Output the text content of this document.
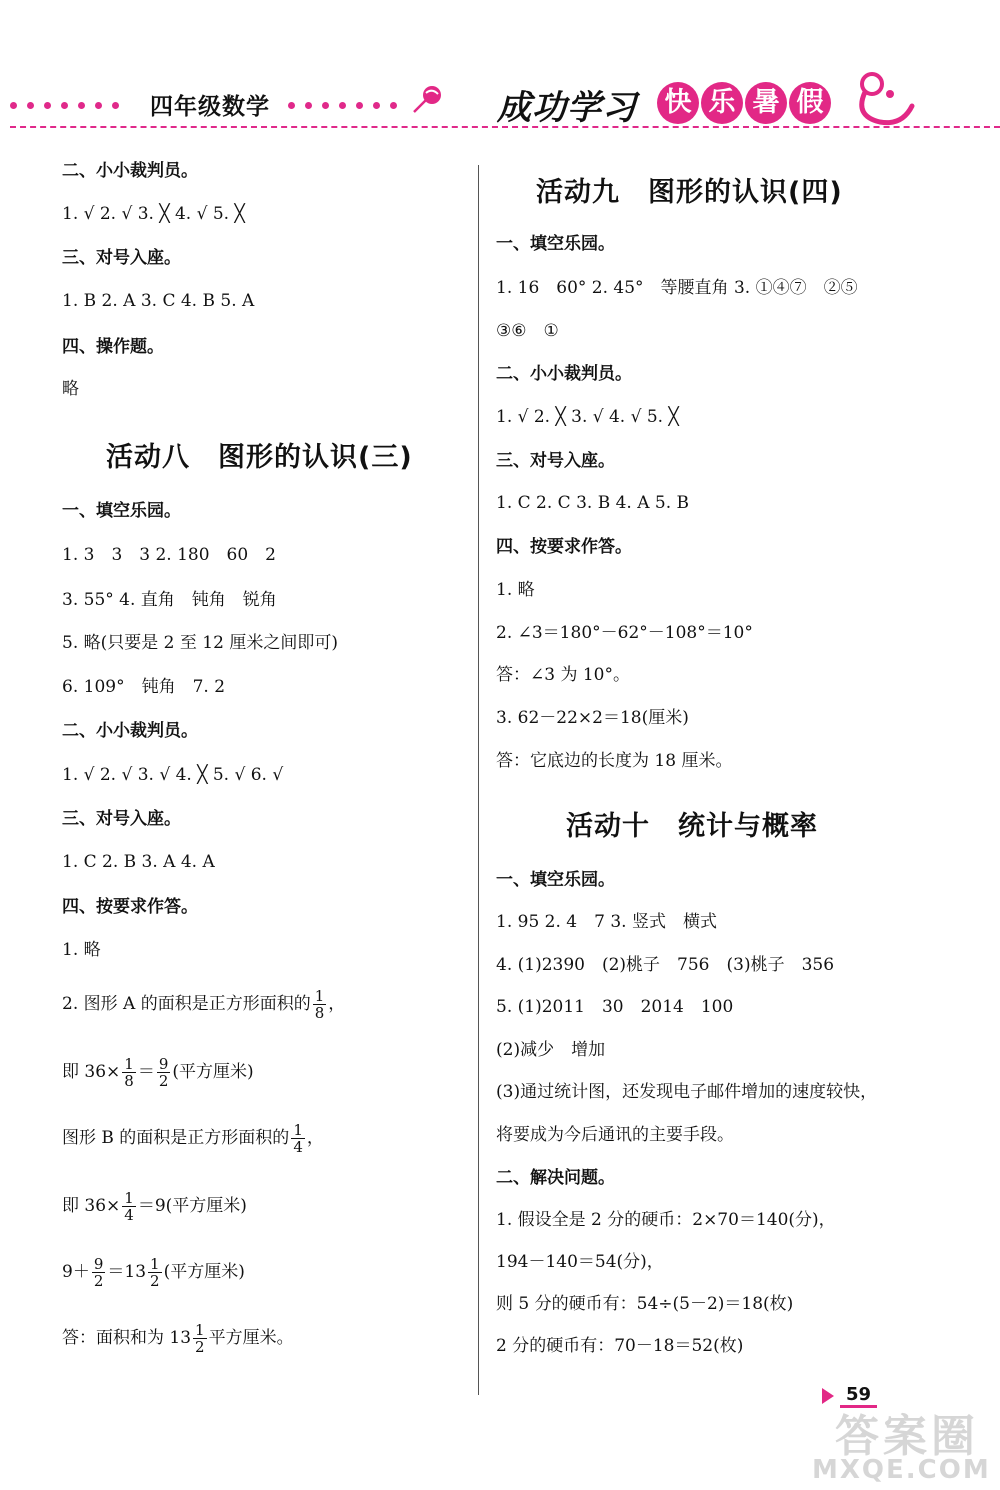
四年级数学	成功学习 快 乐 暑 假
二、小小裁判员。
1. √ 2. √ 3. ╳ 4. √ 5. ╳
三、对号入座。
1. B 2. A 3. C 4. B 5. A
四、操作题。
略
活动八　图形的认识(三)
一、填空乐园。
1. 3　3　3 2. 180　60　2
3. 55° 4. 直角　钝角　锐角
5. 略(只要是 2 至 12 厘米之间即可)
6. 109°　钝角　7. 2
二、小小裁判员。
1. √ 2. √ 3. √ 4. ╳ 5. √ 6. √
三、对号入座。
1. C 2. B 3. A 4. A
四、按要求作答。
1. 略
2. 图形 A 的面积是正方形面积的 $\frac{1}{8}$ ，
即 $36\times \frac{1}{8} = \frac{9}{2}$ (平方厘米)
图形 B 的面积是正方形面积的 $\frac{1}{4}$ ，
即 $36\times \frac{1}{4} =9$(平方厘米)
$9+ \frac{9}{2} =13 \frac{1}{2}$ (平方厘米)
答：面积和为 $13 \frac{1}{2}$ 平方厘米。
活动九　图形的认识(四)
一、填空乐园。
1. 16　60° 2. 45°　等腰直角 3. ①④⑦　②⑤
③⑥　①
二、小小裁判员。
1. √ 2. ╳ 3. √ 4. √ 5. ╳
三、对号入座。
1. C 2. C 3. B 4. A 5. B
四、按要求作答。
1. 略
2. ∠3＝180°－62°－108°＝10°
答：∠3 为 10°。
3. 62－22×2＝18(厘米)
答：它底边的长度为 18 厘米。
活动十　统计与概率
一、填空乐园。
1. 95 2. 4　7 3. 竖式　横式
4. (1)2390　(2)桃子　756　(3)桃子　356
5. (1)2011　30　2014　100
(2)减少　增加
(3)通过统计图，还发现电子邮件增加的速度较快，
将要成为今后通讯的主要手段。
二、解决问题。
1. 假设全是 2 分的硬币：2×70＝140(分)，
194－140＝54(分)，
则 5 分的硬币有：54÷(5－2)＝18(枚)
2 分的硬币有：70－18＝52(枚)
59
答案圈
MXQE.COM
